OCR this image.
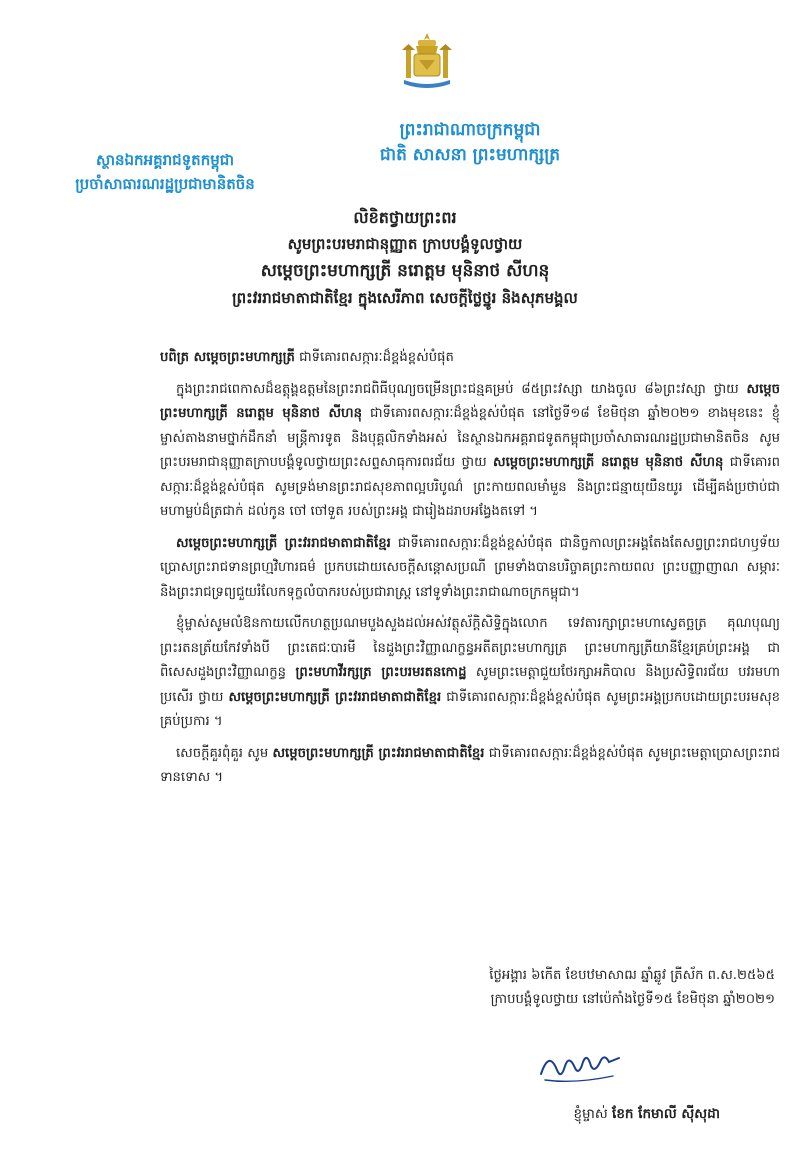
ព្រះរាជាណាចក្រកម្ពុជា
ជាតិ សាសនា ព្រះមហាក្សត្រ
ស្ថានឯកអគ្គរាជទូតកម្ពុជា
ប្រចាំសាធារណរដ្ឋប្រជាមានិតចិន
លិខិតថ្វាយព្រះពរ
សូមព្រះបរមរាជានុញ្ញាត ក្រាបបង្គំទូលថ្វាយ
សម្ដេចព្រះមហាក្សត្រី នរោត្ដម មុនិនាថ សីហនុ
ព្រះវររាជមាតាជាតិខ្មែរ ក្នុងសេរីភាព សេចក្ដីថ្លៃថ្នូរ និងសុភមង្គល

បពិត្រ សម្ដេចព្រះមហាក្សត្រី ជាទីគោរពសក្ការៈដ៏ខ្ពង់ខ្ពស់បំផុត

ក្នុងព្រះរាជពេកាសដ៏ឧត្ដុង្គឧត្ដមនៃព្រះរាជពិធីបុណ្យចម្រើនព្រះជន្មគម្រប់ ៨៥ព្រះវស្សា យាងចូល ៨៦ព្រះវស្សា ថ្វាយ សម្ដេចព្រះមហាក្សត្រី នរោត្ដម មុនិនាថ សីហនុ ជាទីគោរពសក្ការៈដ៏ខ្ពង់ខ្ពស់បំផុត នៅថ្ងៃទី១៨ ខែមិថុនា ឆ្នាំ២០២១ ខាងមុខនេះ ខ្ញុំម្ចាស់តាងនាមថ្នាក់ដឹកនាំ មន្ត្រីការទូត និងបុគ្គលិកទាំងអស់ នៃស្ថានឯកអគ្គរាជទូតកម្ពុជាប្រចាំសាធារណរដ្ឋប្រជាមានិតចិន សូមព្រះបរមរាជានុញ្ញាតក្រាបបង្គំទូលថ្វាយព្រះសព្ទសាធុការពរជ័យ ថ្វាយ សម្ដេចព្រះមហាក្សត្រី នរោត្ដម មុនិនាថ សីហនុ ជាទីគោរពសក្ការៈដ៏ខ្ពង់ខ្ពស់បំផុត សូមទ្រង់មានព្រះរាជសុខភាពល្អបរិបូណ៌ ព្រះកាយពលមាំមួន និងព្រះជន្មាយុយឺនយូរ ដើម្បីគង់ប្រថាប់ជាមហាម្លប់ដ៏ត្រជាក់ ដល់កូន ចៅ ចៅទួត របស់ព្រះអង្គ ជារៀងដរាបអង្វែងតទៅ ។

សម្ដេចព្រះមហាក្សត្រី ព្រះវររាជមាតាជាតិខ្មែរ ជាទីគោរពសក្ការៈដ៏ខ្ពង់ខ្ពស់បំផុត ជានិច្ចកាលព្រះអង្គតែងតែសព្វព្រះរាជហឫទ័យប្រោសព្រះរាជទានព្រហ្មវិហារធម៌ ប្រកបដោយសេចក្ដីសន្ដោសប្រណី ព្រមទាំងបានបរិច្ចាគព្រះកាយពល ព្រះបញ្ញាញាណ សម្ភារៈ និងព្រះរាជទ្រព្យជួយរំលែកទុក្ខលំបាករបស់ប្រជារាស្ត្រ នៅទូទាំងព្រះរាជាណាចក្រកម្ពុជា។

ខ្ញុំម្ចាស់សូមលំឱនកាយលើកហត្ថប្រណមបួងសួងដល់អស់វត្ថុស័ក្ដិសិទ្ធិក្នុងលោក ទេវតារក្សាព្រះមហាស្វេតច្ឆត្រ គុណបុណ្យព្រះរតនត្រ័យកែវទាំងបី ព្រះតេជៈបារមី នៃដួងព្រះវិញ្ញាណក្ខន្ធអតីតព្រះមហាក្សត្រ ព្រះមហាក្សត្រីយានីខ្មែរគ្រប់ព្រះអង្គ ជាពិសេសដួងព្រះវិញ្ញាណក្ខន្ធ ព្រះមហាវីរក្សត្រ ព្រះបរមរតនកោដ្ឋ សូមព្រះមេត្តាជួយថែរក្សាអភិបាល និងប្រសិទ្ធិពរជ័យ បវរមហាប្រសើរ ថ្វាយ សម្ដេចព្រះមហាក្សត្រី ព្រះវររាជមាតាជាតិខ្មែរ ជាទីគោរពសក្ការៈដ៏ខ្ពង់ខ្ពស់បំផុត សូមព្រះអង្គប្រកបដោយព្រះបរមសុខគ្រប់ប្រការ ។

សេចក្ដីគួរពុំគួរ សូម សម្ដេចព្រះមហាក្សត្រី ព្រះវររាជមាតាជាតិខ្មែរ ជាទីគោរពសក្ការៈដ៏ខ្ពង់ខ្ពស់បំផុត សូមព្រះមេត្តាប្រោសព្រះរាជទានទោស ។

ថ្ងៃអង្គារ ៦កើត ខែបឋមាសាឍ ឆ្នាំឆ្លូវ ត្រីស័ក ព.ស.២៥៦៥
ក្រាបបង្គំទូលថ្វាយ នៅប៉េកាំងថ្ងៃទី១៥ ខែមិថុនា ឆ្នាំ២០២១
ខ្ញុំម្ចាស់ ខែក កែមាលី ស៊ីសុដា
